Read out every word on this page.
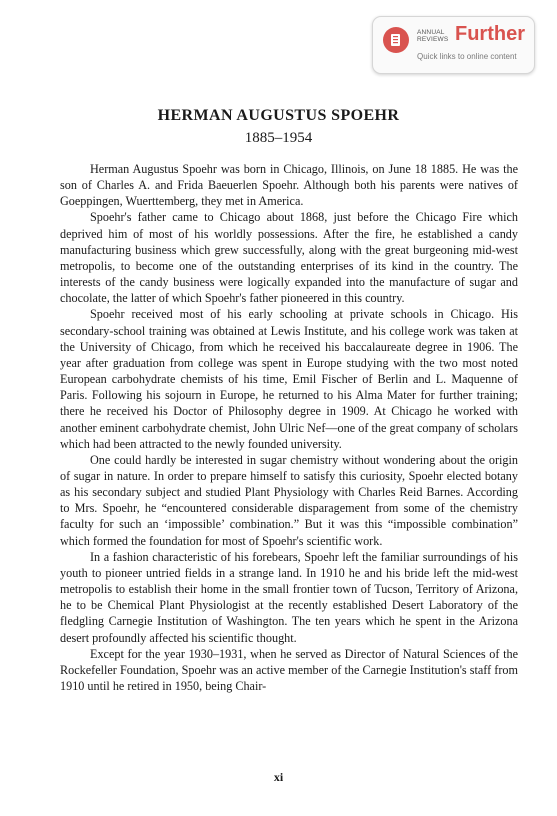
ANNUAL REVIEWS Further
Quick links to online content
HERMAN AUGUSTUS SPOEHR
1885–1954

Herman Augustus Spoehr was born in Chicago, Illinois, on June 18 1885. He was the son of Charles A. and Frida Baeuerlen Spoehr. Although both his parents were natives of Goeppingen, Wuerttemberg, they met in America.

Spoehr's father came to Chicago about 1868, just before the Chicago Fire which deprived him of most of his worldly possessions. After the fire, he established a candy manufacturing business which grew successfully, along with the great burgeoning mid-west metropolis, to become one of the outstanding enterprises of its kind in the country. The interests of the candy business were logically expanded into the manufacture of sugar and chocolate, the latter of which Spoehr's father pioneered in this country.

Spoehr received most of his early schooling at private schools in Chicago. His secondary-school training was obtained at Lewis Institute, and his college work was taken at the University of Chicago, from which he received his baccalaureate degree in 1906. The year after graduation from college was spent in Europe studying with the two most noted European carbohydrate chemists of his time, Emil Fischer of Berlin and L. Maquenne of Paris. Following his sojourn in Europe, he returned to his Alma Mater for further training; there he received his Doctor of Philosophy degree in 1909. At Chicago he worked with another eminent carbohydrate chemist, John Ulric Nef—one of the great company of scholars which had been attracted to the newly founded university.

One could hardly be interested in sugar chemistry without wondering about the origin of sugar in nature. In order to prepare himself to satisfy this curiosity, Spoehr elected botany as his secondary subject and studied Plant Physiology with Charles Reid Barnes. According to Mrs. Spoehr, he “encountered considerable disparagement from some of the chemistry faculty for such an ‘impossible’ combination.” But it was this “impossible combination” which formed the foundation for most of Spoehr's scientific work.

In a fashion characteristic of his forebears, Spoehr left the familiar surroundings of his youth to pioneer untried fields in a strange land. In 1910 he and his bride left the mid-west metropolis to establish their home in the small frontier town of Tucson, Territory of Arizona, he to be Chemical Plant Physiologist at the recently established Desert Laboratory of the fledgling Carnegie Institution of Washington. The ten years which he spent in the Arizona desert profoundly affected his scientific thought.

Except for the year 1930–1931, when he served as Director of Natural Sciences of the Rockefeller Foundation, Spoehr was an active member of the Carnegie Institution's staff from 1910 until he retired in 1950, being Chair-

xi
